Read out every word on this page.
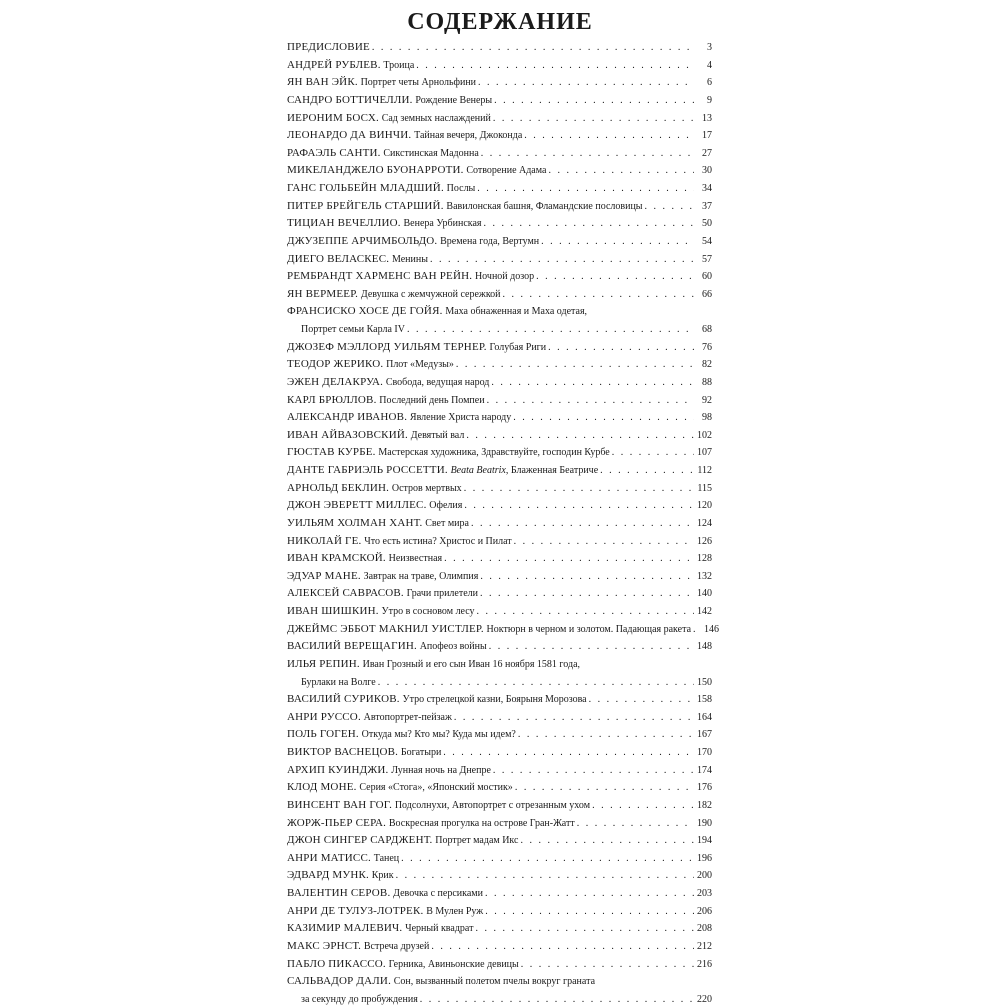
СОДЕРЖАНИЕ
ПРЕДИСЛОВИЕ . . .	3
АНДРЕЙ РУБЛЕВ. Троица . . .	4
ЯН ВАН ЭЙК. Портрет четы Арнольфини . . .	6
САНДРО БОТТИЧЕЛЛИ. Рождение Венеры . . .	9
ИЕРОНИМ БОСХ. Сад земных наслаждений . . .	13
ЛЕОНАРДО ДА ВИНЧИ. Тайная вечеря, Джоконда . . .	17
РАФАЭЛЬ САНТИ. Сикстинская Мадонна . . .	27
МИКЕЛАНДЖЕЛО БУОНАРРОТИ. Сотворение Адама . . .	30
ГАНС ГОЛЬБЕЙН МЛАДШИЙ. Послы . . .	34
ПИТЕР БРЕЙГЕЛЬ СТАРШИЙ. Вавилонская башня, Фламандские пословицы . . .	37
ТИЦИАН ВЕЧЕЛЛИО. Венера Урбинская . . .	50
ДЖУЗЕППЕ АРЧИМБОЛЬДО. Времена года, Вертумн . . .	54
ДИЕГО ВЕЛАСКЕС. Менины . . .	57
РЕМБРАНДТ ХАРМЕНС ВАН РЕЙН. Ночной дозор . . .	60
ЯН ВЕРМЕЕР. Девушка с жемчужной сережкой . . .	66
ФРАНСИСКО ХОСЕ ДЕ ГОЙЯ. Маха обнаженная и Маха одетая,
Портрет семьи Карла IV . . .	68
ДЖОЗЕФ МЭЛЛОРД УИЛЬЯМ ТЕРНЕР. Голубая Риги . . .	76
ТЕОДОР ЖЕРИКО. Плот «Медузы» . . .	82
ЭЖЕН ДЕЛАКРУА. Свобода, ведущая народ . . .	88
КАРЛ БРЮЛЛОВ. Последний день Помпеи . . .	92
АЛЕКСАНДР ИВАНОВ. Явление Христа народу . . .	98
ИВАН АЙВАЗОВСКИЙ. Девятый вал . . .	102
ГЮСТАВ КУРБЕ. Мастерская художника, Здравствуйте, господин Курбе . . .	107
ДАНТЕ ГАБРИЭЛЬ РОССЕТТИ. Beata Beatrix, Блаженная Беатриче . . .	112
АРНОЛЬД БЕКЛИН. Остров мертвых . . .	115
ДЖОН ЭВЕРЕТТ МИЛЛЕС. Офелия . . .	120
УИЛЬЯМ ХОЛМАН ХАНТ. Свет мира . . .	124
НИКОЛАЙ ГЕ. Что есть истина? Христос и Пилат . . .	126
ИВАН КРАМСКОЙ. Неизвестная . . .	128
ЭДУАР МАНЕ. Завтрак на траве, Олимпия . . .	132
АЛЕКСЕЙ САВРАСОВ. Грачи прилетели . . .	140
ИВАН ШИШКИН. Утро в сосновом лесу . . .	142
ДЖЕЙМС ЭББОТ МАКНИЛ УИСТЛЕР. Ноктюрн в черном и золотом. Падающая ракета . . . 146
ВАСИЛИЙ ВЕРЕЩАГИН. Апофеоз войны . . .	148
ИЛЬЯ РЕПИН. Иван Грозный и его сын Иван 16 ноября 1581 года,
Бурлаки на Волге . . .	150
ВАСИЛИЙ СУРИКОВ. Утро стрелецкой казни, Боярыня Морозова . . .	158
АНРИ РУССО. Автопортрет-пейзаж . . .	164
ПОЛЬ ГОГЕН. Откуда мы? Кто мы? Куда мы идем? . . .	167
ВИКТОР ВАСНЕЦОВ. Богатыри . . .	170
АРХИП КУИНДЖИ. Лунная ночь на Днепре . . .	174
КЛОД МОНЕ. Серия «Стога», «Японский мостик» . . .	176
ВИНСЕНТ ВАН ГОГ. Подсолнухи, Автопортрет с отрезанным ухом . . .	182
ЖОРЖ-ПЬЕР СЕРА. Воскресная прогулка на острове Гран-Жатт . . .	190
ДЖОН СИНГЕР САРДЖЕНТ. Портрет мадам Икс . . .	194
АНРИ МАТИСС. Танец . . .	196
ЭДВАРД МУНК. Крик . . .	200
ВАЛЕНТИН СЕРОВ. Девочка с персиками . . .	203
АНРИ ДЕ ТУЛУЗ-ЛОТРЕК. В Мулен Руж . . .	206
КАЗИМИР МАЛЕВИЧ. Черный квадрат . . .	208
МАКС ЭРНСТ. Встреча друзей . . .	212
ПАБЛО ПИКАССО. Герника, Авиньонские девицы . . .	216
САЛЬВАДОР ДАЛИ. Сон, вызванный полетом пчелы вокруг граната
за секунду до пробуждения . . .	220
